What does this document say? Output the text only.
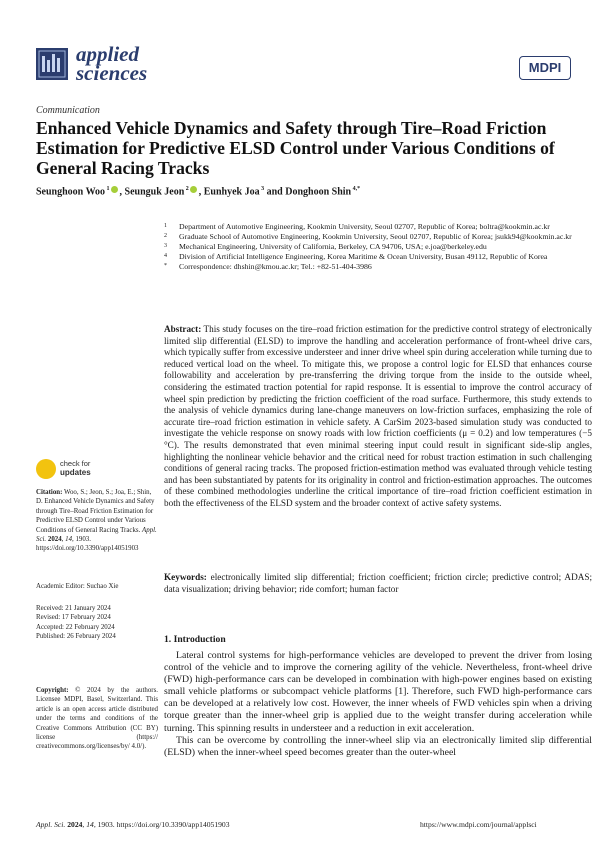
applied
sciences	MDPI
Communication
Enhanced Vehicle Dynamics and Safety through Tire–Road Friction Estimation for Predictive ELSD Control under Various Conditions of General Racing Tracks
Seunghoon Woo $^1$ , Seunguk Jeon $^2$ , Eunhyek Joa $^3$ and Donghoon Shin $^{4,*}$
1 Department of Automotive Engineering, Kookmin University, Seoul 02707, Republic of Korea; boltra@kookmin.ac.kr
2 Graduate School of Automotive Engineering, Kookmin University, Seoul 02707, Republic of Korea; jsukk94@kookmin.ac.kr
3 Mechanical Engineering, University of California, Berkeley, CA 94706, USA; e.joa@berkeley.edu
4 Division of Artificial Intelligence Engineering, Korea Maritime & Ocean University, Busan 49112, Republic of Korea
* Correspondence: dhshin@kmou.ac.kr; Tel.: +82-51-404-3986
Abstract: This study focuses on the tire–road friction estimation for the predictive control strategy of electronically limited slip differential (ELSD) to improve the handling and acceleration performance of front-wheel drive cars, which typically suffer from excessive understeer and inner drive wheel spin during acceleration while turning due to reduced vertical load on the wheel. To mitigate this, we propose a control logic for ELSD that enhances course followability and acceleration by pre-transferring the driving torque from the inside to the outside wheel, considering the estimated traction potential for rapid response. It is essential to improve the control accuracy of wheel spin prediction by predicting the friction coefficient of the road surface. Furthermore, this study extends to the analysis of vehicle dynamics during lane-change maneuvers on low-friction surfaces, emphasizing the role of accurate tire–road friction estimation in vehicle safety. A CarSim 2023-based simulation study was conducted to investigate the vehicle response on snowy roads with low friction coefficients (μ = 0.2) and low temperatures (−5 °C). The results demonstrated that even minimal steering input could result in significant side-slip angles, highlighting the nonlinear vehicle behavior and the critical need for robust traction estimation in such challenging conditions of general racing tracks. The proposed friction-estimation method was evaluated through vehicle testing and has been substantiated by patents for its originality in control and friction-estimation approaches. The outcomes of these combined methodologies underline the critical importance of tire–road friction coefficient estimation in both the effectiveness of the ELSD system and the broader context of active safety systems.
Keywords: electronically limited slip differential; friction coefficient; friction circle; predictive control; ADAS; data visualization; driving behavior; ride comfort; human factor
check for
updates
Citation: Woo, S.; Jeon, S.; Joa, E.; Shin, D. Enhanced Vehicle Dynamics and Safety through Tire–Road Friction Estimation for Predictive ELSD Control under Various Conditions of General Racing Tracks. Appl. Sci. 2024, 14, 1903. https://doi.org/10.3390/app14051903
Academic Editor: Suchao Xie
Received: 21 January 2024
Revised: 17 February 2024
Accepted: 22 February 2024
Published: 26 February 2024
Copyright: © 2024 by the authors. Licensee MDPI, Basel, Switzerland. This article is an open access article distributed under the terms and conditions of the Creative Commons Attribution (CC BY) license (https:// creativecommons.org/licenses/by/ 4.0/).
1. Introduction

Lateral control systems for high-performance vehicles are developed to prevent the driver from losing control of the vehicle and to improve the cornering agility of the vehicle. Nevertheless, front-wheel drive (FWD) high-performance cars can be developed in combination with high-power engines based on existing small vehicle platforms or subcompact vehicle platforms [1]. Therefore, such FWD high-performance cars can be developed at a relatively low cost. However, the inner wheels of FWD vehicles spin when a driving torque greater than the inner-wheel grip is applied due to the weight transfer during acceleration while turning. This spinning results in understeer and a reduction in exit acceleration.

This can be overcome by controlling the inner-wheel slip via an electronically limited slip differential (ELSD) when the inner-wheel speed becomes greater than the outer-wheel

Appl. Sci. 2024, 14, 1903. https://doi.org/10.3390/app14051903	https://www.mdpi.com/journal/applsci
